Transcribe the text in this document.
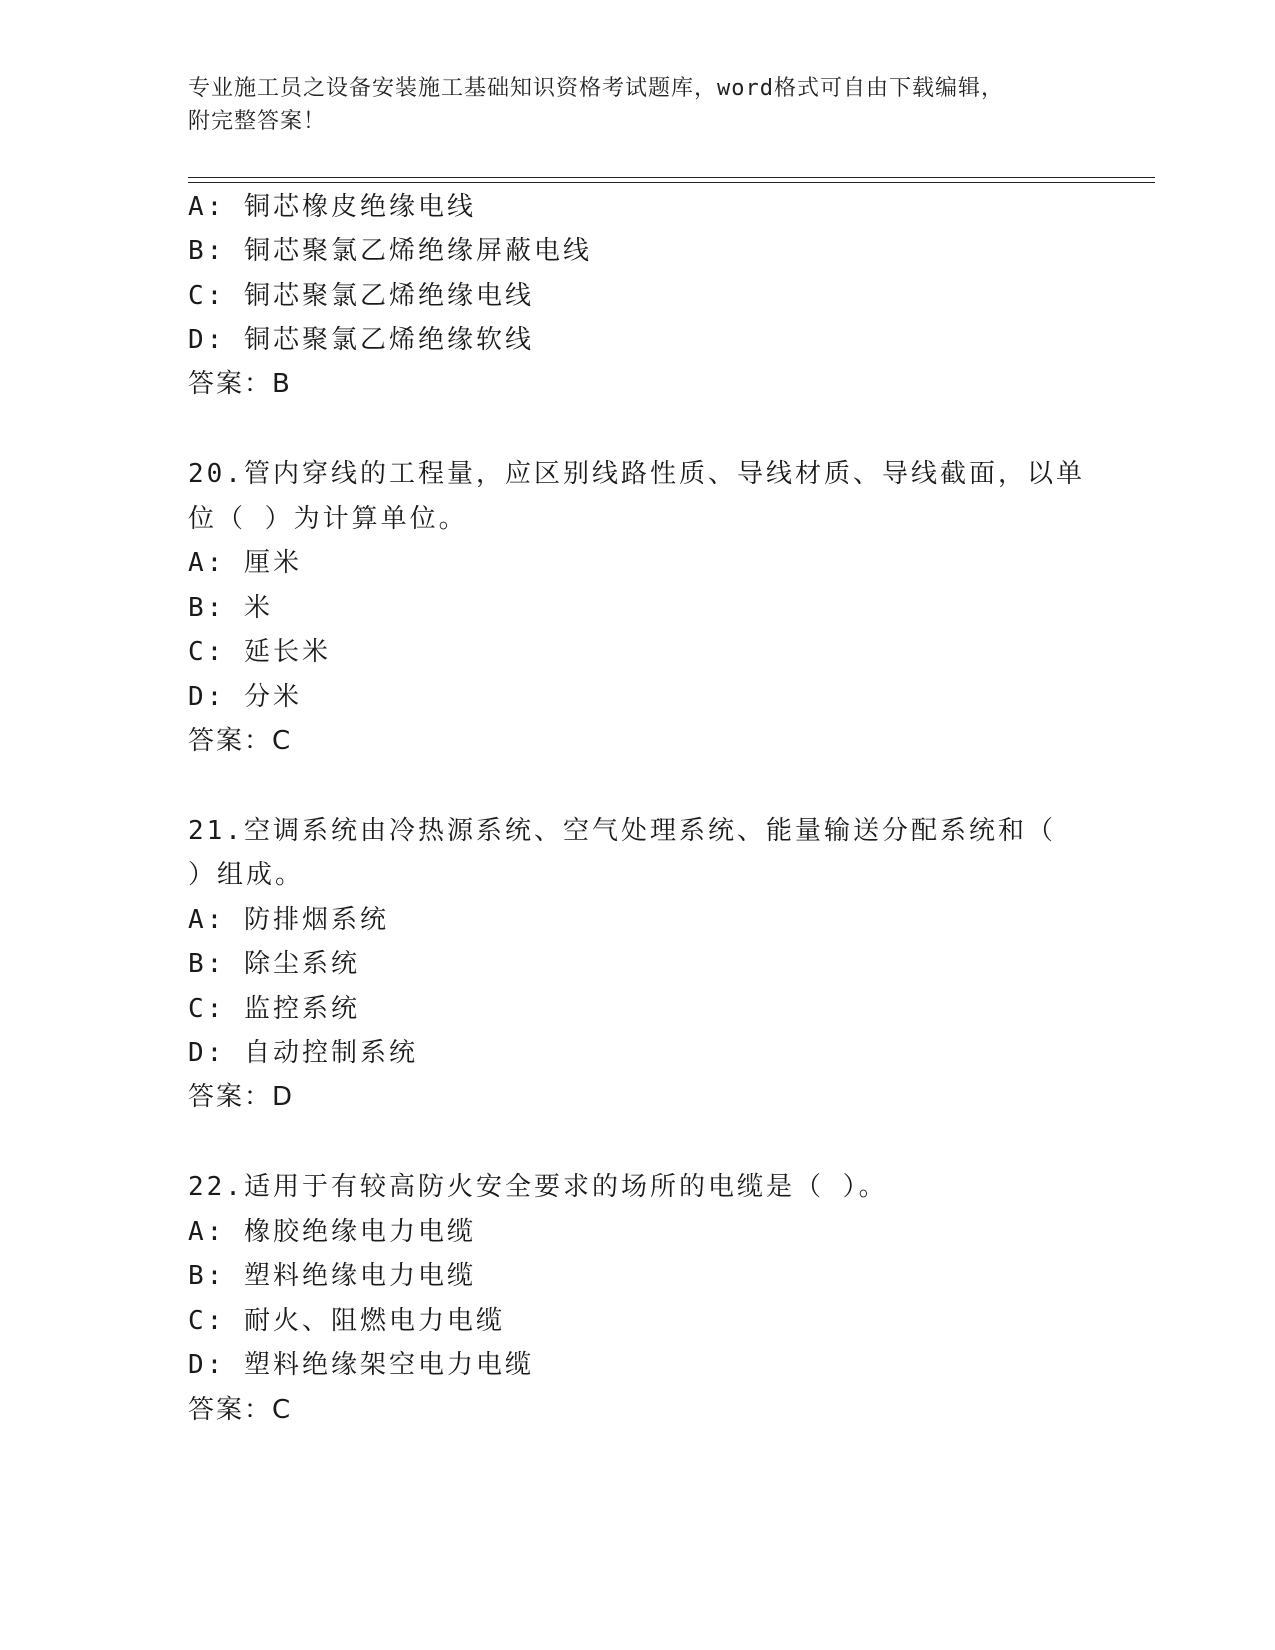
专业施工员之设备安装施工基础知识资格考试题库，word格式可自由下载编辑，
附完整答案！
A: 铜芯橡皮绝缘电线
B: 铜芯聚氯乙烯绝缘屏蔽电线
C: 铜芯聚氯乙烯绝缘电线
D: 铜芯聚氯乙烯绝缘软线
答案：B
20.管内穿线的工程量，应区别线路性质、导线材质、导线截面，以单
位（ ）为计算单位。
A: 厘米
B: 米
C: 延长米
D: 分米
答案：C
21.空调系统由冷热源系统、空气处理系统、能量输送分配系统和（
）组成。
A: 防排烟系统
B: 除尘系统
C: 监控系统
D: 自动控制系统
答案：D
22.适用于有较高防火安全要求的场所的电缆是（ ）。
A: 橡胶绝缘电力电缆
B: 塑料绝缘电力电缆
C: 耐火、阻燃电力电缆
D: 塑料绝缘架空电力电缆
答案：C
